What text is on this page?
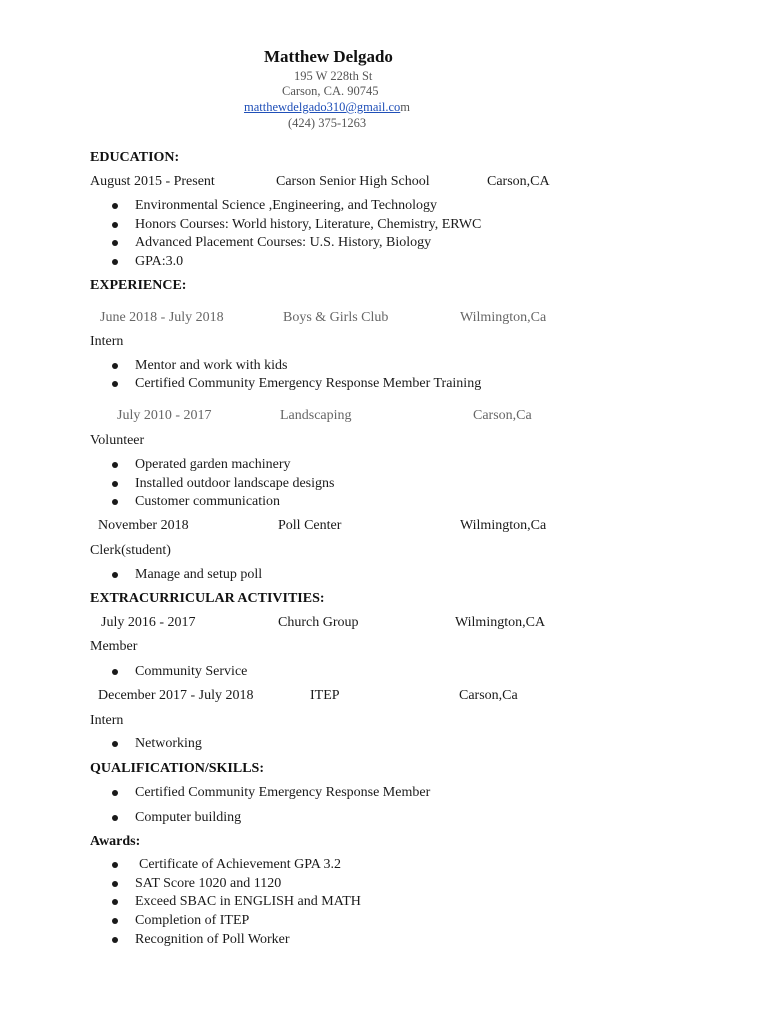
Matthew Delgado
195 W 228th St
Carson, CA. 90745
matthewdelgado310@gmail.com
(424) 375-1263
EDUCATION:
August 2015 - Present	Carson Senior High School	Carson,CA
Environmental Science ,Engineering, and Technology
Honors Courses: World history, Literature, Chemistry, ERWC
Advanced Placement Courses: U.S. History, Biology
GPA:3.0
EXPERIENCE:
June 2018 - July 2018	Boys & Girls Club	Wilmington,Ca
Intern
Mentor and work with kids
Certified Community Emergency Response Member Training
July 2010 - 2017	Landscaping	Carson,Ca
Volunteer
Operated garden machinery
Installed outdoor landscape designs
Customer communication
November 2018	Poll Center	Wilmington,Ca
Clerk(student)
Manage and setup poll
EXTRACURRICULAR ACTIVITIES:
July 2016 - 2017	Church Group	Wilmington,CA
Member
Community Service
December 2017 - July 2018	ITEP	Carson,Ca
Intern
Networking
QUALIFICATION/SKILLS:
Certified Community Emergency Response Member
Computer building
Awards:
Certificate of Achievement GPA 3.2
SAT Score 1020 and 1120
Exceed SBAC in ENGLISH and MATH
Completion of ITEP
Recognition of Poll Worker
